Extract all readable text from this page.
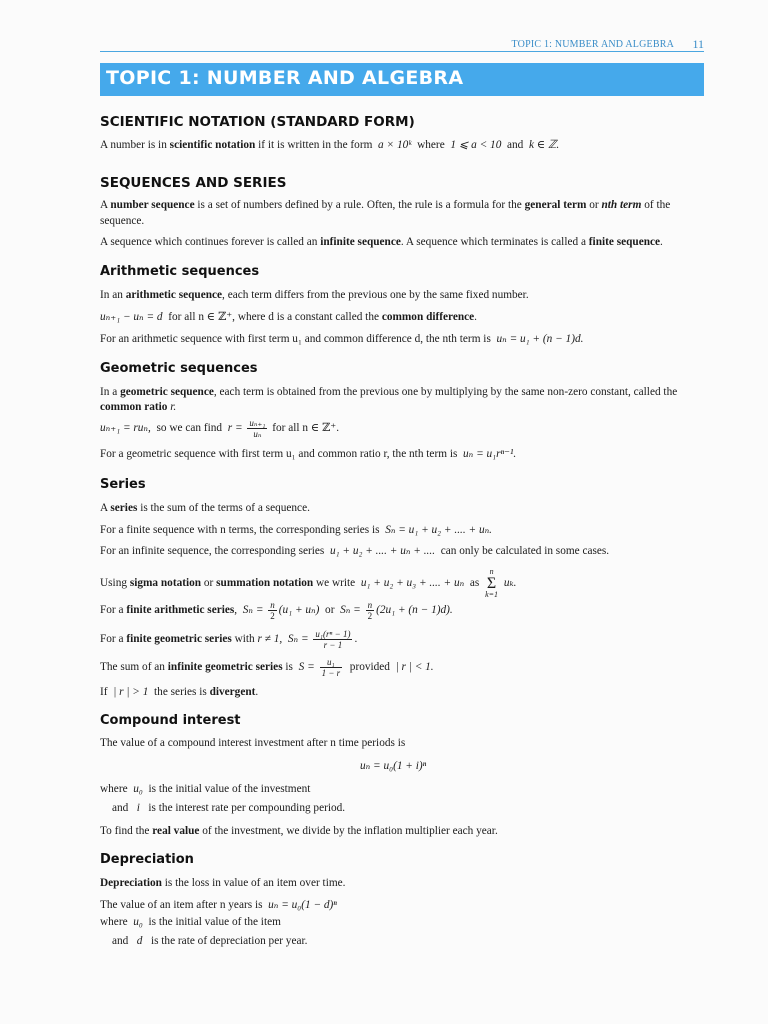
TOPIC 1: NUMBER AND ALGEBRA 11
TOPIC 1: NUMBER AND ALGEBRA
SCIENTIFIC NOTATION (STANDARD FORM)
A number is in scientific notation if it is written in the form a × 10ᵏ where 1 ⩽ a < 10 and k ∈ ℤ.
SEQUENCES AND SERIES
A number sequence is a set of numbers defined by a rule. Often, the rule is a formula for the general term or nth term of the
sequence.
A sequence which continues forever is called an infinite sequence. A sequence which terminates is called a finite sequence.
Arithmetic sequences
In an arithmetic sequence, each term differs from the previous one by the same fixed number.
uₙ₊₁ − uₙ = d for all n ∈ ℤ⁺, where d is a constant called the common difference.
For an arithmetic sequence with first term u₁ and common difference d, the nth term is uₙ = u₁ + (n − 1)d.
Geometric sequences
In a geometric sequence, each term is obtained from the previous one by multiplying by the same non-zero constant, called the
common ratio r.
uₙ₊₁ = ruₙ, so we can find $r = \frac{\text{uₙ₊₁}}{\text{uₙ}}$ for all n ∈ ℤ⁺.
For a geometric sequence with first term u₁ and common ratio r, the nth term is uₙ = u₁rⁿ⁻¹.
Series
A series is the sum of the terms of a sequence.
For a finite sequence with n terms, the corresponding series is Sₙ = u₁ + u₂ + .... + uₙ.
For an infinite sequence, the corresponding series u₁ + u₂ + .... + uₙ + .... can only be calculated in some cases.
Using sigma notation or summation notation we write u₁ + u₂ + u₃ + .... + uₙ as n
Σ
k=1 uₖ.
For a finite arithmetic series, $S_n = \frac{n}{2} (u_1 + u_n)$ or $S_n = \frac{n}{2} (2u_1 + (n - 1)d)$.
For a finite geometric series with r ≠ 1, $S_n = \frac{\text{u₁(rⁿ − 1)}}{r - 1}$ .
The sum of an infinite geometric series is $S = \frac{\text{u₁}}{1 - r}$ provided | r | < 1.
If | r | > 1 the series is divergent.
Compound interest
The value of a compound interest investment after n time periods is
uₙ = u₀(1 + i)ⁿ
where u₀ is the initial value of the investment
and i is the interest rate per compounding period.
To find the real value of the investment, we divide by the inflation multiplier each year.
Depreciation
Depreciation is the loss in value of an item over time.
The value of an item after n years is uₙ = u₀(1 − d)ⁿ
where u₀ is the initial value of the item
and d is the rate of depreciation per year.
